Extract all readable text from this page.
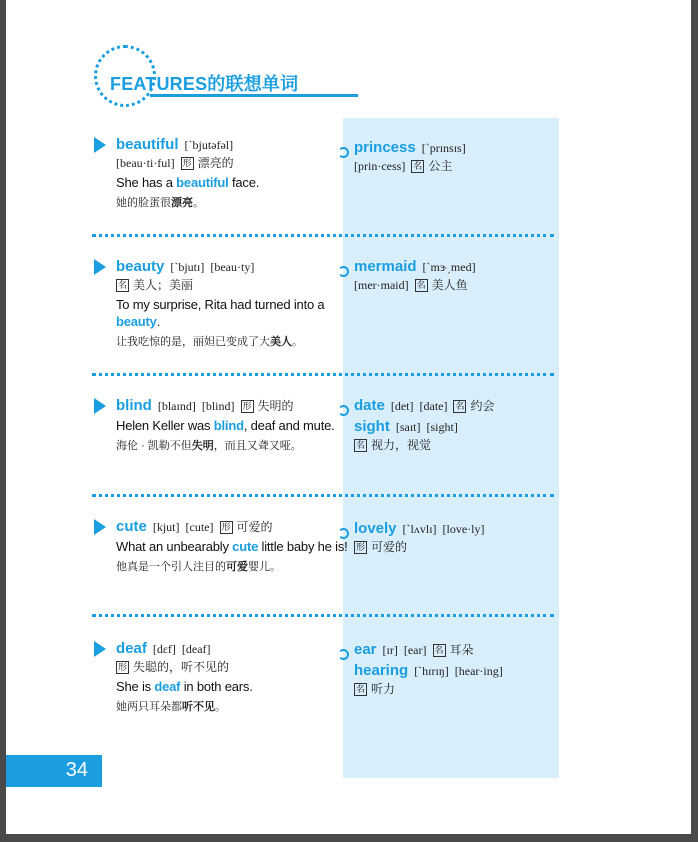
FEATURES的联想单词
beautiful [ˋbjutəfəl]
[beau·ti·ful] 形 漂亮的
She has a beautiful face.
她的脸蛋很漂亮。
princess [ˋprɪnsɪs]
[prin·cess] 名 公主
beauty [ˋbjutɪ] [beau·ty]
名 美人；美丽
To my surprise, Rita had turned into a beauty.
让我吃惊的是，丽妲已变成了大美人。
mermaid [ˋmɝ͵med]
[mer·maid] 名 美人鱼
blind [blaɪnd] [blind] 形 失明的
Helen Keller was blind, deaf and mute.
海伦 · 凯勒不但失明，而且又聋又哑。
date [det] [date] 名 约会
sight [saɪt] [sight]
名 视力，视觉
cute [kjut] [cute] 形 可爱的
What an unbearably cute little baby he is!
他真是一个引人注目的可爱婴儿。
lovely [ˋlʌvlɪ] [love·ly]
形 可爱的
deaf [dɛf] [deaf]
形 失聪的，听不见的
She is deaf in both ears.
她两只耳朵都听不见。
ear [ɪr] [ear] 名 耳朵
hearing [ˋhɪrɪŋ] [hear·ing]
名 听力
34
